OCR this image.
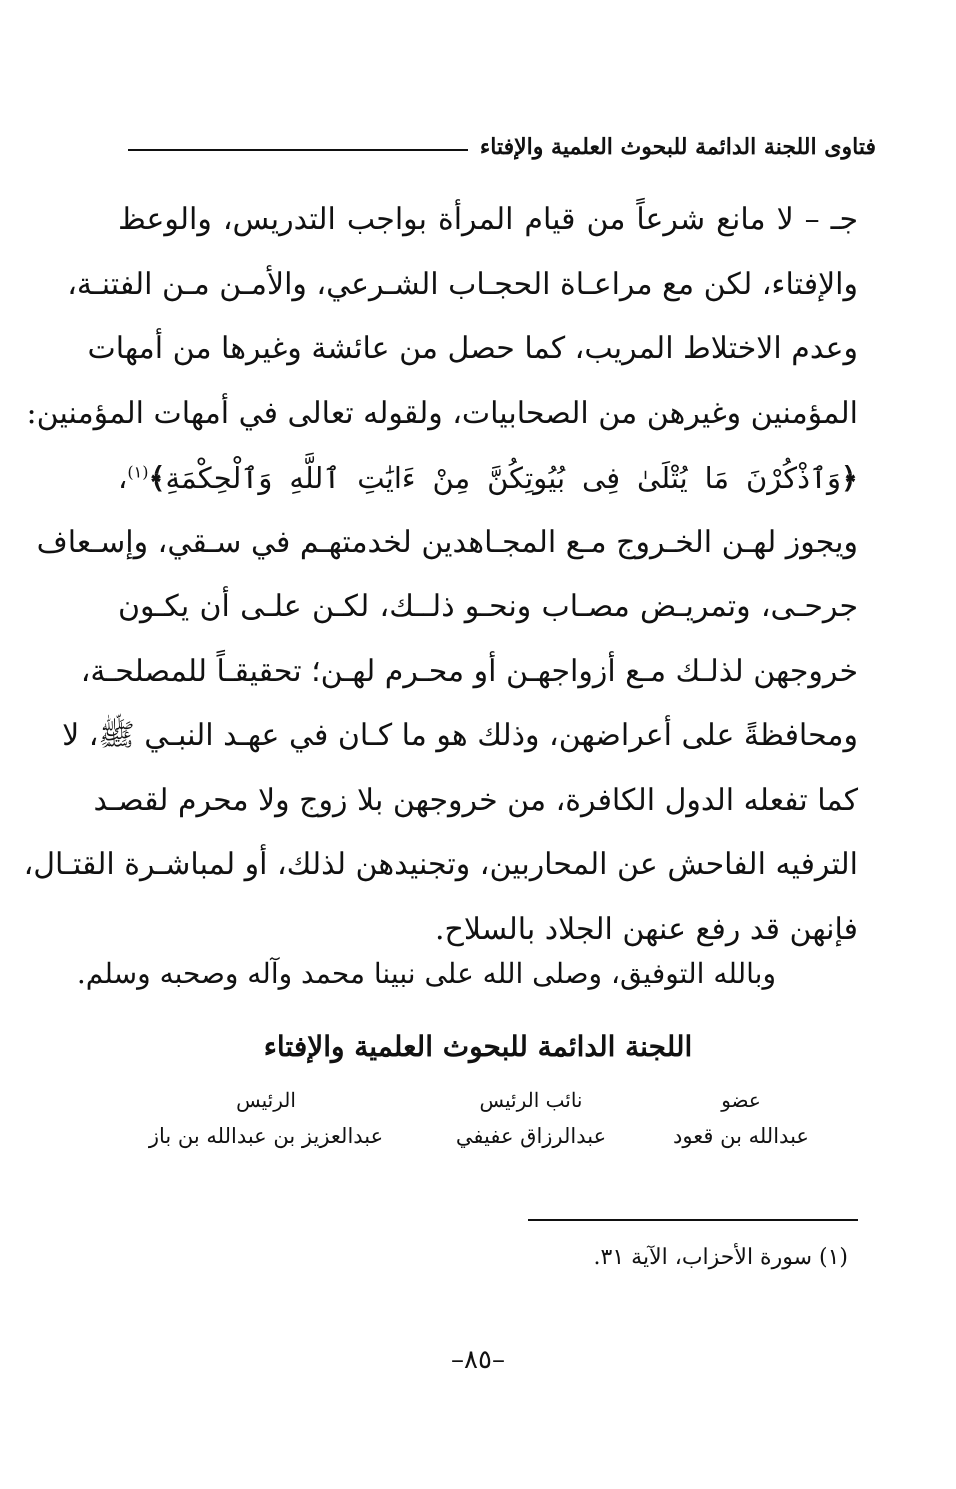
فتاوى اللجنة الدائمة للبحوث العلمية والإفتاء
جـ – لا مانع شرعاً من قيام المرأة بواجب التدريس، والوعظ
والإفتاء، لكن مع مراعـاة الحجـاب الشـرعي، والأمـن مـن الفتنـة،
وعدم الاختلاط المريب، كما حصل من عائشة وغيرها من أمهات
المؤمنين وغيرهن من الصحابيات، ولقوله تعالى في أمهات المؤمنين:
﴿وَٱذْكُرْنَ مَا يُتْلَىٰ فِى بُيُوتِكُنَّ مِنْ ءَايَٰتِ ٱللَّهِ وَٱلْحِكْمَةِ﴾$^{(١)}$،
ويجوز لهـن الخـروج مـع المجـاهدين لخدمتهـم في سـقي، وإسـعاف
جرحـى، وتمريـض مصـاب ونحـو ذلــك، لكـن علـى أن يكـون
خروجهن لذلـك مـع أزواجهـن أو محـرم لهـن؛ تحقيقـاً للمصلحـة،
ومحافظةً على أعراضهن، وذلك هو ما كـان في عهـد النبـي ﷺ، لا
كما تفعله الدول الكافرة، من خروجهن بلا زوج ولا محرم لقصـد
الترفيه الفاحش عن المحاربين، وتجنيدهن لذلك، أو لمباشـرة القتـال،
فإنهن قد رفع عنهن الجلاد بالسلاح.
وبالله التوفيق، وصلى الله على نبينا محمد وآله وصحبه وسلم.
اللجنة الدائمة للبحوث العلمية والإفتاء
عضو
نائب الرئيس
الرئيس
عبدالله بن قعود
عبدالرزاق عفيفي
عبدالعزيز بن عبدالله بن باز
(١) سورة الأحزاب، الآية ٣١.
–٨٥–
